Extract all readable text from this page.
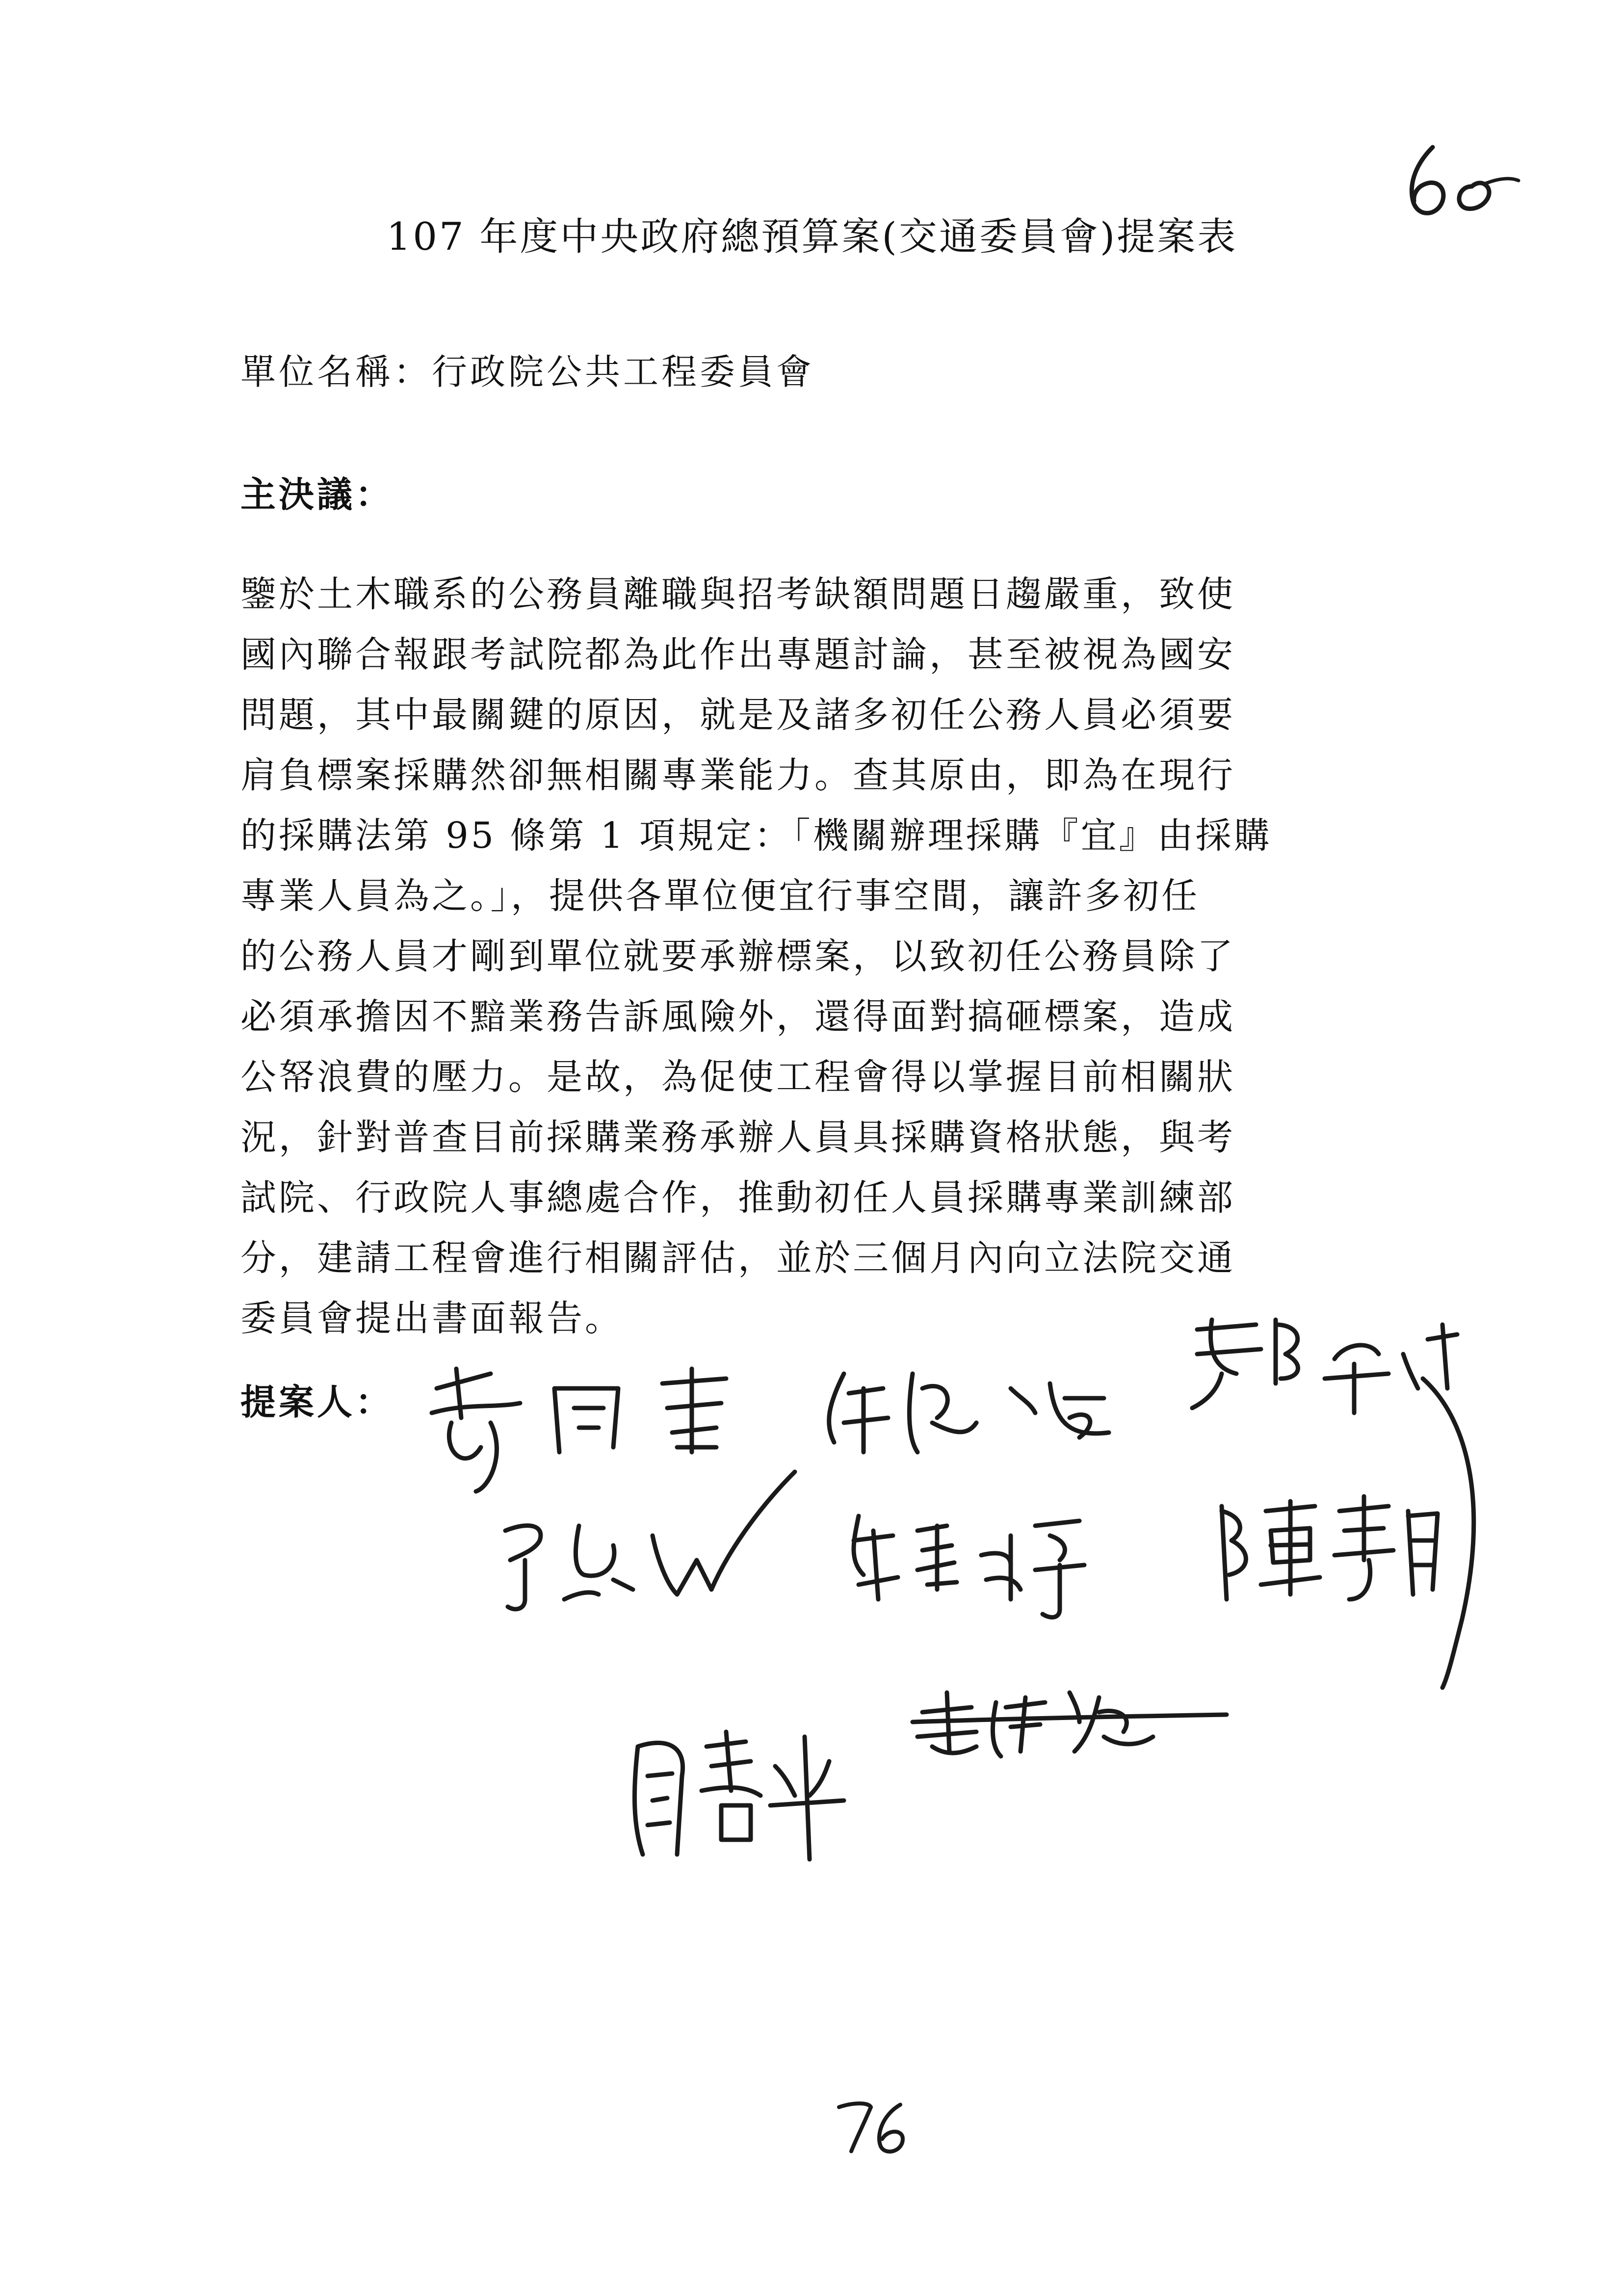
107 年度中央政府總預算案(交通委員會)提案表
單位名稱：行政院公共工程委員會
主決議：
鑒於土木職系的公務員離職與招考缺額問題日趨嚴重，致使
國內聯合報跟考試院都為此作出專題討論，甚至被視為國安
問題，其中最關鍵的原因，就是及諸多初任公務人員必須要
肩負標案採購然卻無相關專業能力。查其原由，即為在現行
的採購法第 95 條第 1 項規定：「機關辦理採購『宜』由採購
專業人員為之。」，提供各單位便宜行事空間，讓許多初任
的公務人員才剛到單位就要承辦標案，以致初任公務員除了
必須承擔因不黯業務告訴風險外，還得面對搞砸標案，造成
公帑浪費的壓力。是故，為促使工程會得以掌握目前相關狀
況，針對普查目前採購業務承辦人員具採購資格狀態，與考
試院、行政院人事總處合作，推動初任人員採購專業訓練部
分，建請工程會進行相關評估，並於三個月內向立法院交通
委員會提出書面報告。
提案人：
